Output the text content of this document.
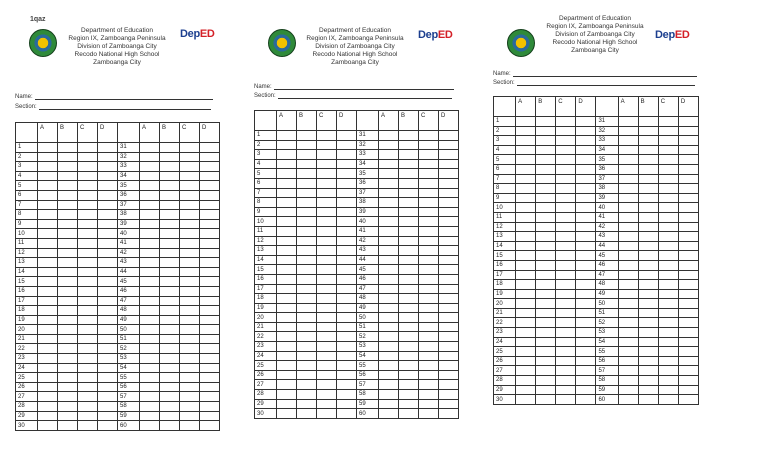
1qaz
Department of Education
Region IX, Zamboanga Peninsula
Division of Zamboanga City
Recodo National High School
Zamboanga City
DepED
Name:
Section:
	A	B	C	D		A	B	C	D
1					31				
2					32				
3					33				
4					34				
5					35				
6					36				
7					37				
8					38				
9					39				
10					40				
11					41				
12					42				
13					43				
14					44				
15					45				
16					46				
17					47				
18					48				
19					49				
20					50				
21					51				
22					52				
23					53				
24					54				
25					55				
26					56				
27					57				
28					58				
29					59				
30					60				
Department of Education
Region IX, Zamboanga Peninsula
Division of Zamboanga City
Recodo National High School
Zamboanga City
DepED
Name:
Section:
	A	B	C	D		A	B	C	D
1					31				
2					32				
3					33				
4					34				
5					35				
6					36				
7					37				
8					38				
9					39				
10					40				
11					41				
12					42				
13					43				
14					44				
15					45				
16					46				
17					47				
18					48				
19					49				
20					50				
21					51				
22					52				
23					53				
24					54				
25					55				
26					56				
27					57				
28					58				
29					59				
30					60				
Department of Education
Region IX, Zamboanga Peninsula
Division of Zamboanga City
Recodo National High School
Zamboanga City
DepED
Name:
Section:
	A	B	C	D		A	B	C	D
1					31				
2					32				
3					33				
4					34				
5					35				
6					36				
7					37				
8					38				
9					39				
10					40				
11					41				
12					42				
13					43				
14					44				
15					45				
16					46				
17					47				
18					48				
19					49				
20					50				
21					51				
22					52				
23					53				
24					54				
25					55				
26					56				
27					57				
28					58				
29					59				
30					60				
